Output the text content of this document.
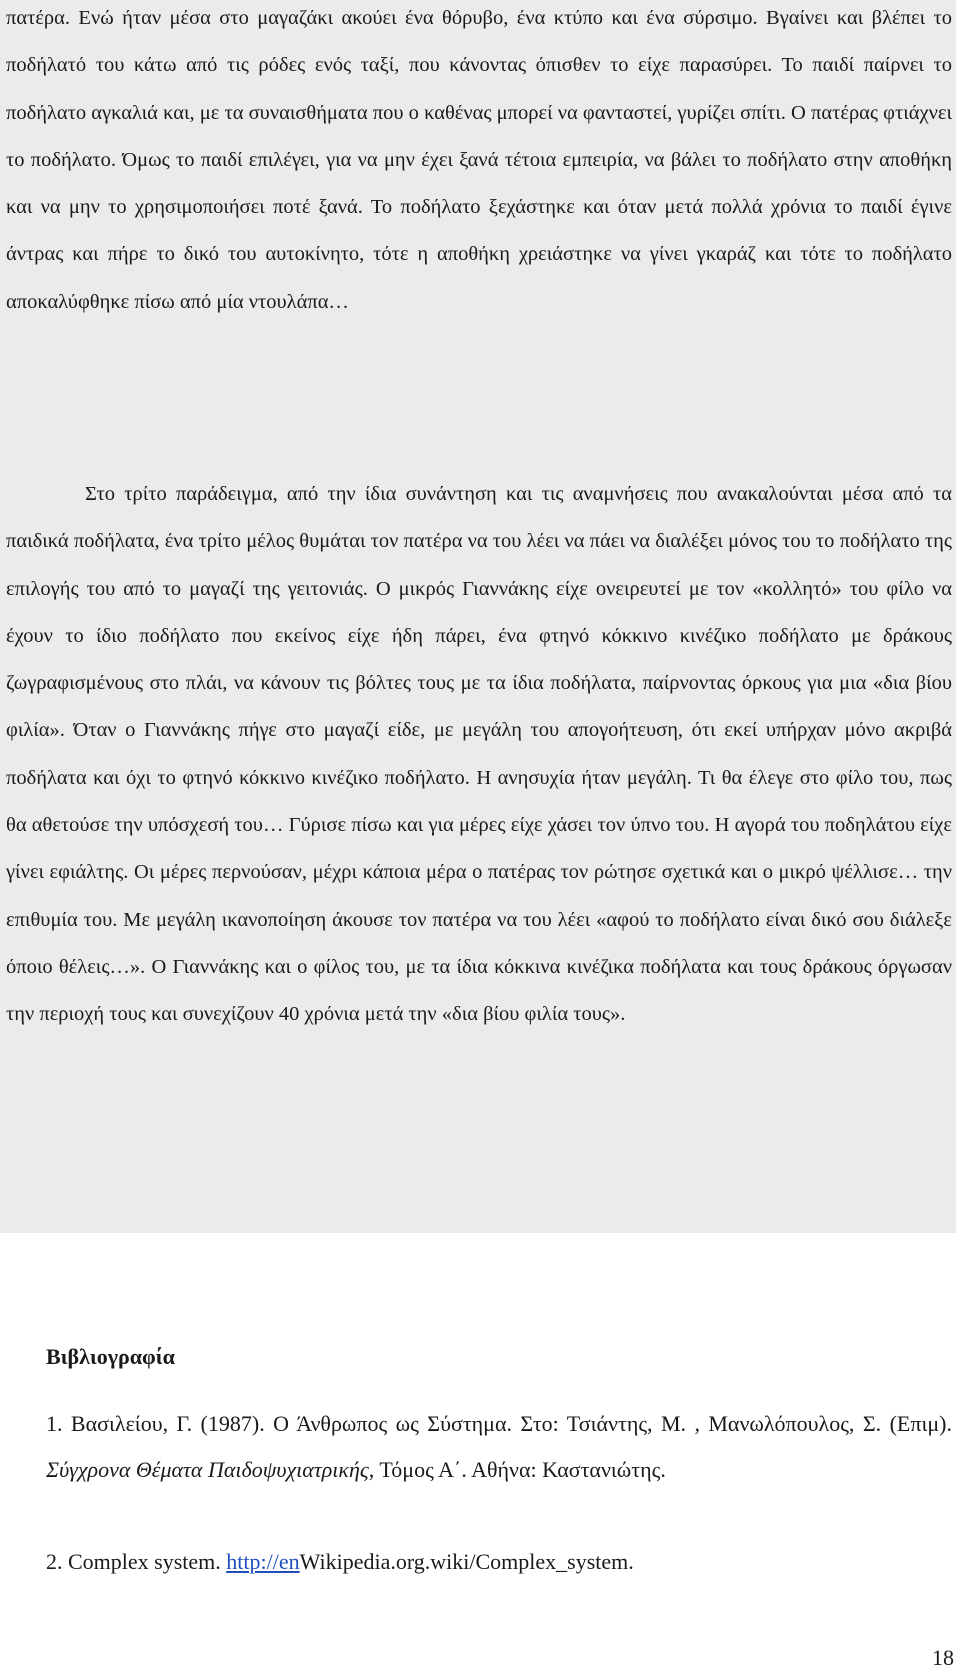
πατέρα. Ενώ ήταν μέσα στο μαγαζάκι ακούει ένα θόρυβο, ένα κτύπο και ένα σύρσιμο. Βγαίνει και βλέπει το ποδήλατό του κάτω από τις ρόδες ενός ταξί, που κάνοντας όπισθεν το είχε παρασύρει. Το παιδί παίρνει το ποδήλατο αγκαλιά και, με τα συναισθήματα που ο καθένας μπορεί να φανταστεί, γυρίζει σπίτι. Ο πατέρας φτιάχνει το ποδήλατο. Όμως το παιδί επιλέγει, για να μην έχει ξανά τέτοια εμπειρία, να βάλει το ποδήλατο στην αποθήκη και να μην το χρησιμοποιήσει ποτέ ξανά. Το ποδήλατο ξεχάστηκε και όταν μετά πολλά χρόνια το παιδί έγινε άντρας και πήρε το δικό του αυτοκίνητο, τότε η αποθήκη χρειάστηκε να γίνει γκαράζ και τότε το ποδήλατο αποκαλύφθηκε πίσω από μία ντουλάπα…

Στο τρίτο παράδειγμα, από την ίδια συνάντηση και τις αναμνήσεις που ανακαλούνται μέσα από τα παιδικά ποδήλατα, ένα τρίτο μέλος θυμάται τον πατέρα να του λέει να πάει να διαλέξει μόνος του το ποδήλατο της επιλογής του από το μαγαζί της γειτονιάς. Ο μικρός Γιαννάκης είχε ονειρευτεί με τον «κολλητό» του φίλο να έχουν το ίδιο ποδήλατο που εκείνος είχε ήδη πάρει, ένα φτηνό κόκκινο κινέζικο ποδήλατο με δράκους ζωγραφισμένους στο πλάι, να κάνουν τις βόλτες τους με τα ίδια ποδήλατα, παίρνοντας όρκους για μια «δια βίου φιλία». Όταν ο Γιαννάκης πήγε στο μαγαζί είδε, με μεγάλη του απογοήτευση, ότι εκεί υπήρχαν μόνο ακριβά ποδήλατα και όχι το φτηνό κόκκινο κινέζικο ποδήλατο. Η ανησυχία ήταν μεγάλη. Τι θα έλεγε στο φίλο του, πως θα αθετούσε την υπόσχεσή του… Γύρισε πίσω και για μέρες είχε χάσει τον ύπνο του. Η αγορά του ποδηλάτου είχε γίνει εφιάλτης. Οι μέρες περνούσαν, μέχρι κάποια μέρα ο πατέρας τον ρώτησε σχετικά και ο μικρό ψέλλισε… την επιθυμία του. Με μεγάλη ικανοποίηση άκουσε τον πατέρα να του λέει «αφού το ποδήλατο είναι δικό σου διάλεξε όποιο θέλεις…». Ο Γιαννάκης και ο φίλος του, με τα ίδια κόκκινα κινέζικα ποδήλατα και τους δράκους όργωσαν την περιοχή τους και συνεχίζουν 40 χρόνια μετά την «δια βίου φιλία τους».

Βιβλιογραφία

1. Βασιλείου, Γ. (1987). Ο Άνθρωπος ως Σύστημα. Στο: Τσιάντης, Μ. , Μανωλόπουλος, Σ. (Επιμ). Σύγχρονα Θέματα Παιδοψυχιατρικής, Τόμος Α΄. Αθήνα: Καστανιώτης.

2. Complex system. http://enWikipedia.org.wiki/Complex_system.

18
